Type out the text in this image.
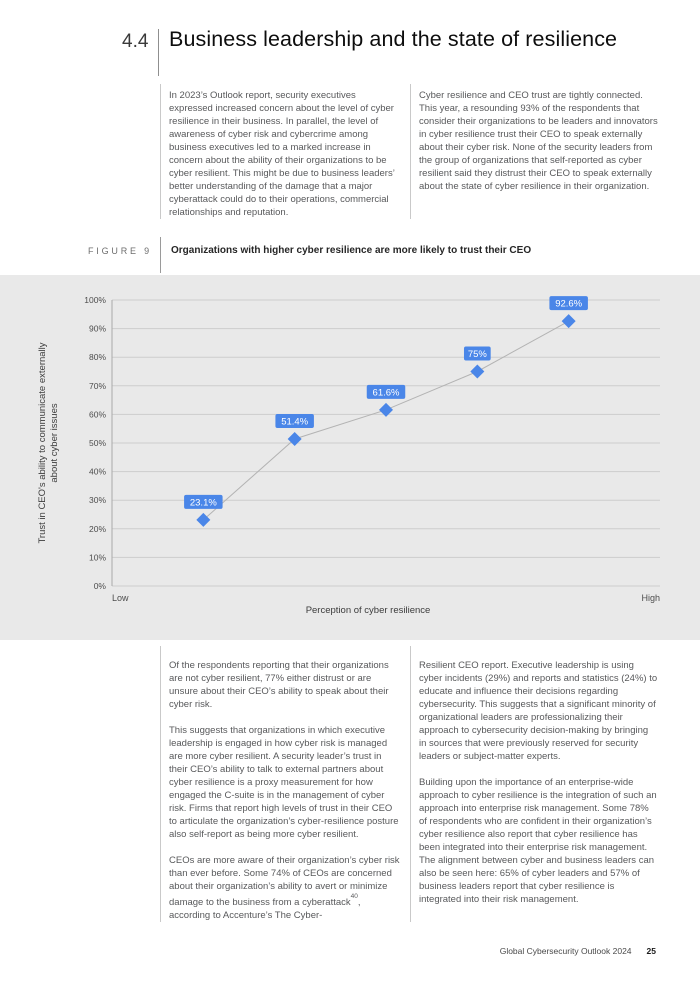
4.4 Business leadership and the state of resilience

In 2023’s Outlook report, security executives expressed increased concern about the level of cyber resilience in their business. In parallel, the level of awareness of cyber risk and cybercrime among business executives led to a marked increase in concern about the ability of their organizations to be cyber resilient. This might be due to business leaders’ better understanding of the damage that a major cyberattack could do to their operations, commercial relationships and reputation.

Cyber resilience and CEO trust are tightly connected. This year, a resounding 93% of the respondents that consider their organizations to be leaders and innovators in cyber resilience trust their CEO to speak externally about their cyber risk. None of the security leaders from the group of organizations that self-reported as cyber resilient said they distrust their CEO to speak externally about the state of cyber resilience in their organization.

FIGURE 9 Organizations with higher cyber resilience are more likely to trust their CEO
0%
10%
20%
30%
40%
50%
60%
70%
80%
90%
100%
23.1%
51.4%
61.6%
75%
92.6%
Low	High
Perception of cyber resilience
Trust in CEO's ability to communicate externallyabout cyber issues

Of the respondents reporting that their organizations are not cyber resilient, 77% either distrust or are unsure about their CEO’s ability to speak about their cyber risk.

This suggests that organizations in which executive leadership is engaged in how cyber risk is managed are more cyber resilient. A security leader’s trust in their CEO’s ability to talk to external partners about cyber resilience is a proxy measurement for how engaged the C-suite is in the management of cyber risk. Firms that report high levels of trust in their CEO to articulate the organization’s cyber-resilience posture also self-report as being more cyber resilient.

CEOs are more aware of their organization’s cyber risk than ever before. Some 74% of CEOs are concerned about their organization’s ability to avert or minimize damage to the business from a cyberattack$^{40}$, according to Accenture’s The Cyber-

Resilient CEO report. Executive leadership is using cyber incidents (29%) and reports and statistics (24%) to educate and influence their decisions regarding cybersecurity. This suggests that a significant minority of organizational leaders are professionalizing their approach to cybersecurity decision-making by bringing in sources that were previously reserved for security leaders or subject-matter experts.

Building upon the importance of an enterprise-wide approach to cyber resilience is the integration of such an approach into enterprise risk management. Some 78% of respondents who are confident in their organization’s cyber resilience also report that cyber resilience has been integrated into their enterprise risk management. The alignment between cyber and business leaders can also be seen here: 65% of cyber leaders and 57% of business leaders report that cyber resilience is integrated into their risk management.

Global Cybersecurity Outlook 2024 25
